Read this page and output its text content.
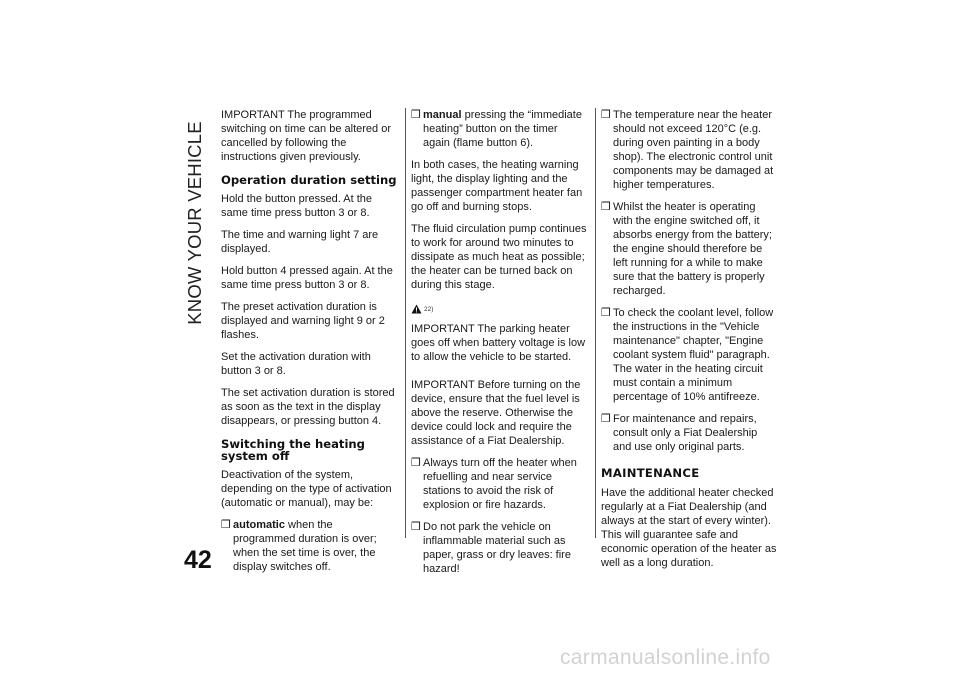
KNOW YOUR VEHICLE
42

IMPORTANT The programmed switching on time can be altered or cancelled by following the instructions given previously.

Operation duration setting

Hold the button pressed. At the same time press button 3 or 8.

The time and warning light 7 are displayed.

Hold button 4 pressed again. At the same time press button 3 or 8.

The preset activation duration is displayed and warning light 9 or 2 flashes.

Set the activation duration with button 3 or 8.

The set activation duration is stored as soon as the text in the display disappears, or pressing button 4.

Switching the heating system off

Deactivation of the system, depending on the type of activation (automatic or manual), may be:

❒ automatic when the programmed duration is over; when the set time is over, the display switches off.
❒ manual pressing the “immediate heating” button on the timer again (flame button 6).

In both cases, the heating warning light, the display lighting and the passenger compartment heater fan go off and burning stops.

The fluid circulation pump continues to work for around two minutes to dissipate as much heat as possible; the heater can be turned back on during this stage.

22)

IMPORTANT The parking heater goes off when battery voltage is low to allow the vehicle to be started.

IMPORTANT Before turning on the device, ensure that the fuel level is above the reserve. Otherwise the device could lock and require the assistance of a Fiat Dealership.

❒ Always turn off the heater when refuelling and near service stations to avoid the risk of explosion or fire hazards.
❒ Do not park the vehicle on inflammable material such as paper, grass or dry leaves: fire hazard!
❒ The temperature near the heater should not exceed 120°C (e.g. during oven painting in a body shop). The electronic control unit components may be damaged at higher temperatures.
❒ Whilst the heater is operating with the engine switched off, it absorbs energy from the battery; the engine should therefore be left running for a while to make sure that the battery is properly recharged.
❒ To check the coolant level, follow the instructions in the "Vehicle maintenance" chapter, "Engine coolant system fluid" paragraph. The water in the heating circuit must contain a minimum percentage of 10% antifreeze.
❒ For maintenance and repairs, consult only a Fiat Dealership and use only original parts.
MAINTENANCE

Have the additional heater checked regularly at a Fiat Dealership (and always at the start of every winter). This will guarantee safe and economic operation of the heater as well as a long duration.

carmanualsonline.info
